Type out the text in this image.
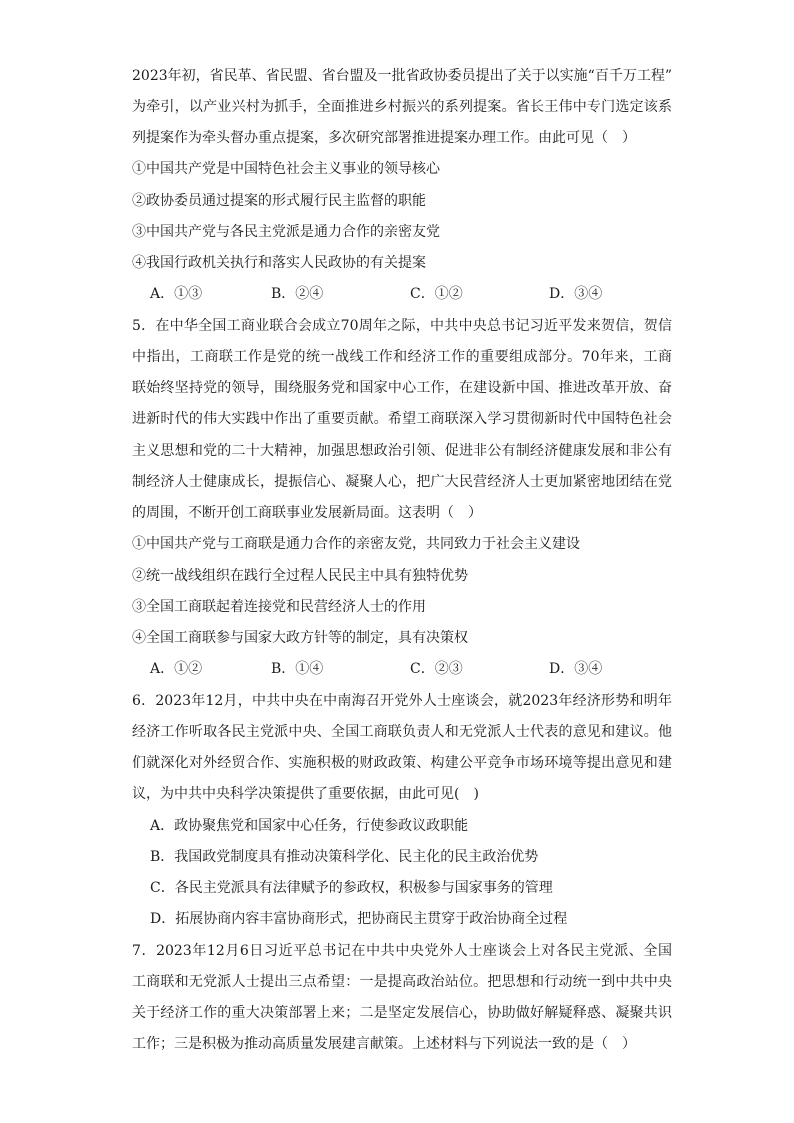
2023年初，省民革、省民盟、省台盟及一批省政协委员提出了关于以实施“百千万工程”
为牵引，以产业兴村为抓手，全面推进乡村振兴的系列提案。省长王伟中专门选定该系
列提案作为牵头督办重点提案，多次研究部署推进提案办理工作。由此可见（　）
①中国共产党是中国特色社会主义事业的领导核心
②政协委员通过提案的形式履行民主监督的职能
③中国共产党与各民主党派是通力合作的亲密友党
④我国行政机关执行和落实人民政协的有关提案
A．①③	B．②④	C．①②	D．③④
5．在中华全国工商业联合会成立70周年之际，中共中央总书记习近平发来贺信，贺信
中指出，工商联工作是党的统一战线工作和经济工作的重要组成部分。70年来，工商
联始终坚持党的领导，围绕服务党和国家中心工作，在建设新中国、推进改革开放、奋
进新时代的伟大实践中作出了重要贡献。希望工商联深入学习贯彻新时代中国特色社会
主义思想和党的二十大精神，加强思想政治引领、促进非公有制经济健康发展和非公有
制经济人士健康成长，提振信心、凝聚人心，把广大民营经济人士更加紧密地团结在党
的周围，不断开创工商联事业发展新局面。这表明（　）
①中国共产党与工商联是通力合作的亲密友党，共同致力于社会主义建设
②统一战线组织在践行全过程人民民主中具有独特优势
③全国工商联起着连接党和民营经济人士的作用
④全国工商联参与国家大政方针等的制定，具有决策权
A．①②	B．①④	C．②③	D．③④
6．2023年12月，中共中央在中南海召开党外人士座谈会，就2023年经济形势和明年
经济工作听取各民主党派中央、全国工商联负责人和无党派人士代表的意见和建议。他
们就深化对外经贸合作、实施积极的财政政策、构建公平竞争市场环境等提出意见和建
议，为中共中央科学决策提供了重要依据，由此可见(　)
A．政协聚焦党和国家中心任务，行使参政议政职能
B．我国政党制度具有推动决策科学化、民主化的民主政治优势
C．各民主党派具有法律赋予的参政权，积极参与国家事务的管理
D．拓展协商内容丰富协商形式，把协商民主贯穿于政治协商全过程
7．2023年12月6日习近平总书记在中共中央党外人士座谈会上对各民主党派、全国
工商联和无党派人士提出三点希望：一是提高政治站位。把思想和行动统一到中共中央
关于经济工作的重大决策部署上来；二是坚定发展信心，协助做好解疑释惑、凝聚共识
工作；三是积极为推动高质量发展建言献策。上述材料与下列说法一致的是（　）
